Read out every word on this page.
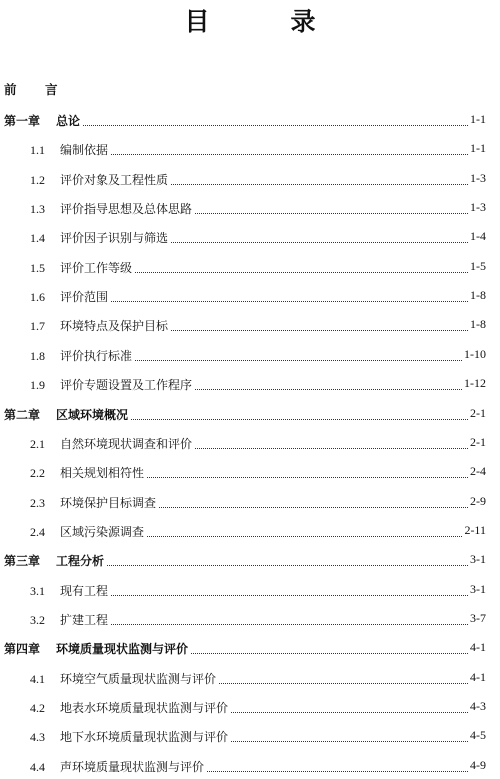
目　录
前　言
第一章 总论	1-1
1.1	编制依据	1-1
1.2	评价对象及工程性质	1-3
1.3	评价指导思想及总体思路	1-3
1.4	评价因子识别与筛选	1-4
1.5	评价工作等级	1-5
1.6	评价范围	1-8
1.7	环境特点及保护目标	1-8
1.8	评价执行标准	1-10
1.9	评价专题设置及工作程序	1-12
第二章 区域环境概况	2-1
2.1	自然环境现状调查和评价	2-1
2.2	相关规划相符性	2-4
2.3	环境保护目标调查	2-9
2.4	区域污染源调查	2-11
第三章 工程分析	3-1
3.1	现有工程	3-1
3.2	扩建工程	3-7
第四章 环境质量现状监测与评价	4-1
4.1	环境空气质量现状监测与评价	4-1
4.2	地表水环境质量现状监测与评价	4-3
4.3	地下水环境质量现状监测与评价	4-5
4.4	声环境质量现状监测与评价	4-9
